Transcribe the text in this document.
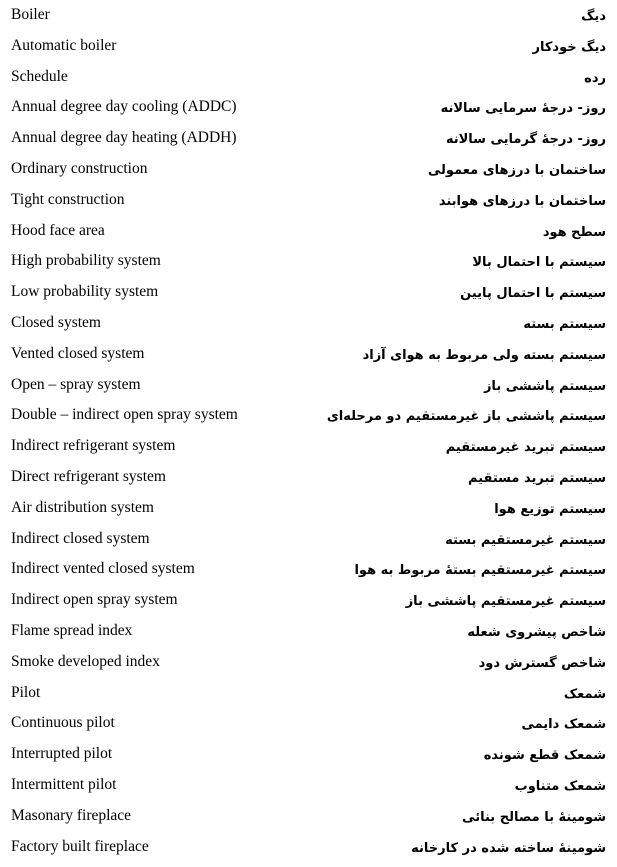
Boiler	دیگ
Automatic boiler	دیگ خودکار
Schedule	رده
Annual degree day cooling (ADDC)	روز- درجهٔ سرمایی سالانه
Annual degree day heating (ADDH)	روز- درجهٔ گرمایی سالانه
Ordinary construction	ساختمان با درزهای معمولی
Tight construction	ساختمان با درزهای هوابند
Hood face area	سطح هود
High probability system	سیستم با احتمال بالا
Low probability system	سیستم با احتمال پایین
Closed system	سیستم بسته
Vented closed system	سیستم بسته ولی مربوط به هوای آزاد
Open – spray system	سیستم پاششی باز
Double – indirect open spray system	سیستم پاششی باز غیرمستقیم دو مرحله‌ای
Indirect refrigerant system	سیستم تبرید غیرمستقیم
Direct refrigerant system	سیستم تبرید مستقیم
Air distribution system	سیستم توزیع هوا
Indirect closed system	سیستم غیرمستقیم بسته
Indirect vented closed system	سیستم غیرمستقیم بستهٔ مربوط به هوا
Indirect open spray system	سیستم غیرمستقیم پاششی باز
Flame spread index	شاخص پیشروی شعله
Smoke developed index	شاخص گسترش دود
Pilot	شمعک
Continuous pilot	شمعک دایمی
Interrupted pilot	شمعک قطع شونده
Intermittent pilot	شمعک متناوب
Masonary fireplace	شومینهٔ با مصالح بنائی
Factory built fireplace	شومینهٔ ساخته شده در کارخانه
